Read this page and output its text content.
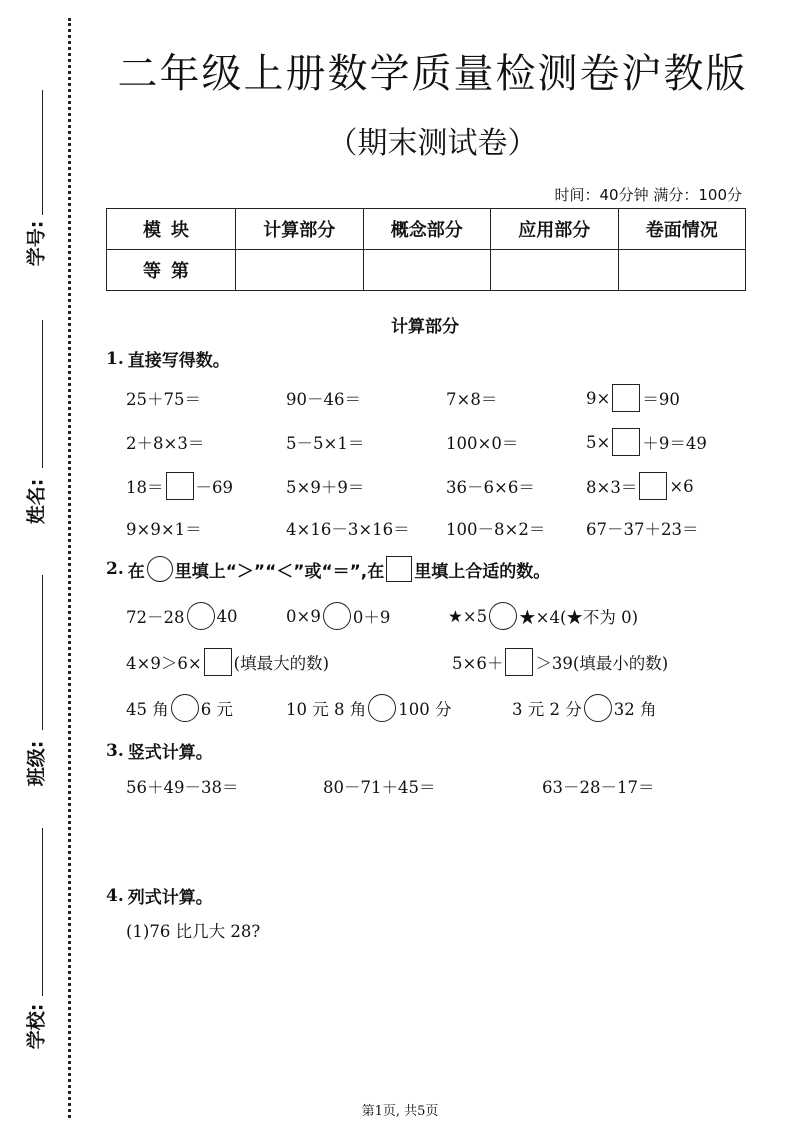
学号:
姓名:
班级:
学校:
二年级上册数学质量检测卷沪教版
（期末测试卷）
时间：40分钟 满分：100分
模块	计算部分	概念部分	应用部分	卷面情况
等第				
计算部分
1. 直接写得数。
25＋75＝	90－46＝	7×8＝	9× ＝90
2＋8×3＝	5－5×1＝	100×0＝	5× ＋9＝49
18＝ －69	5×9＋9＝	36－6×6＝	8×3＝ ×6
9×9×1＝	4×16－3×16＝ 100－8×2＝ 67－37＋23＝
2. 在 里填上“＞”“＜”或“＝”,在 里填上合适的数。
72－28 40	0×9 0＋9	★×5 ★×4(★不为 0)
4×9＞6× (填最大的数)	5×6＋ ＞39(填最小的数)
45 角 6 元	10 元 8 角 100 分	3 元 2 分 32 角
3. 竖式计算。
56＋49－38＝	80－71＋45＝	63－28－17＝
4. 列式计算。
(1)76 比几大 28?
第1页, 共5页
